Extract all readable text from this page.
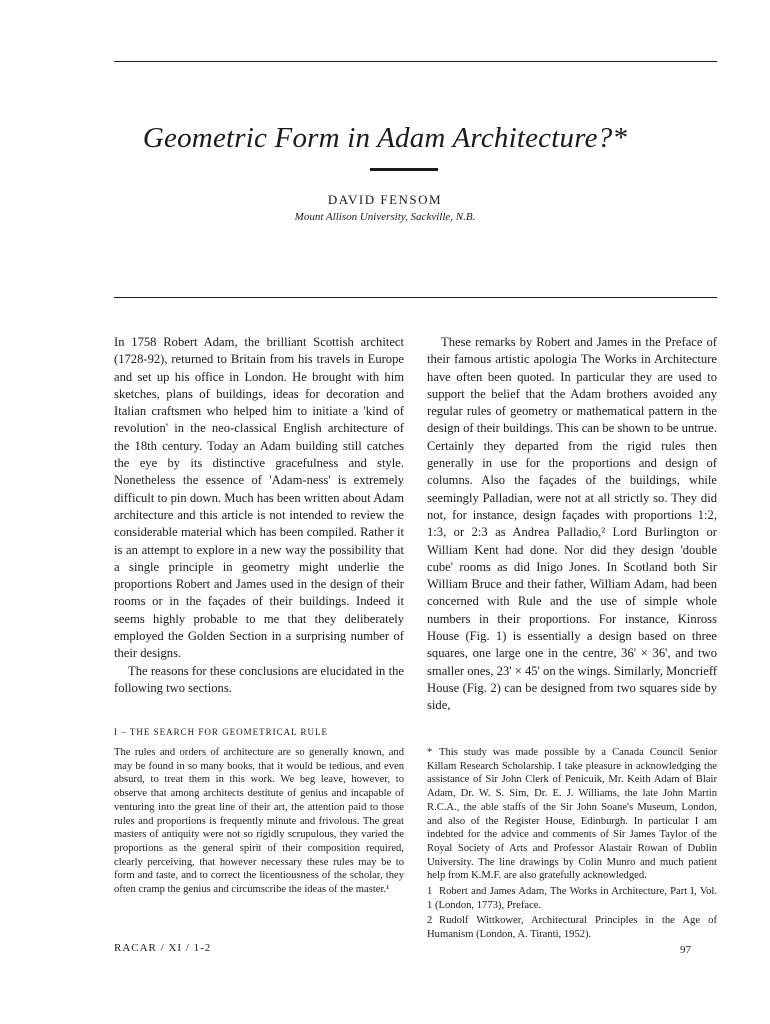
Geometric Form in Adam Architecture?*
DAVID FENSOM
Mount Allison University, Sackville, N.B.

In 1758 Robert Adam, the brilliant Scottish architect (1728-92), returned to Britain from his travels in Europe and set up his office in London. He brought with him sketches, plans of buildings, ideas for decoration and Italian craftsmen who helped him to initiate a 'kind of revolution' in the neo-classical English architecture of the 18th century. Today an Adam building still catches the eye by its distinctive gracefulness and style. Nonetheless the essence of 'Adam-ness' is extremely difficult to pin down. Much has been written about Adam architecture and this article is not intended to review the considerable material which has been compiled. Rather it is an attempt to explore in a new way the possibility that a single principle in geometry might underlie the proportions Robert and James used in the design of their rooms or in the façades of their buildings. Indeed it seems highly probable to me that they deliberately employed the Golden Section in a surprising number of their designs.

The reasons for these conclusions are elucidated in the following two sections.

These remarks by Robert and James in the Preface of their famous artistic apologia The Works in Architecture have often been quoted. In particular they are used to support the belief that the Adam brothers avoided any regular rules of geometry or mathematical pattern in the design of their buildings. This can be shown to be untrue. Certainly they departed from the rigid rules then generally in use for the proportions and design of columns. Also the façades of the buildings, while seemingly Palladian, were not at all strictly so. They did not, for instance, design façades with proportions 1:2, 1:3, or 2:3 as Andrea Palladio,² Lord Burlington or William Kent had done. Nor did they design 'double cube' rooms as did Inigo Jones. In Scotland both Sir William Bruce and their father, William Adam, had been concerned with Rule and the use of simple whole numbers in their proportions. For instance, Kinross House (Fig. 1) is essentially a design based on three squares, one large one in the centre, 36' × 36', and two smaller ones, 23' × 45' on the wings. Similarly, Moncrieff House (Fig. 2) can be designed from two squares side by side,

I – THE SEARCH FOR GEOMETRICAL RULE
The rules and orders of architecture are so generally known, and may be found in so many books, that it would be tedious, and even absurd, to treat them in this work. We beg leave, however, to observe that among architects destitute of genius and incapable of venturing into the great line of their art, the attention paid to those rules and proportions is frequently minute and frivolous. The great masters of antiquity were not so rigidly scrupulous, they varied the proportions as the general spirit of their composition required, clearly perceiving, that however necessary these rules may be to form and taste, and to correct the licentiousness of the scholar, they often cramp the genius and circumscribe the ideas of the master.¹

* This study was made possible by a Canada Council Senior Killam Research Scholarship. I take pleasure in acknowledging the assistance of Sir John Clerk of Penicuik, Mr. Keith Adam of Blair Adam, Dr. W. S. Sim, Dr. E. J. Williams, the late John Martin R.C.A., the able staffs of the Sir John Soane's Museum, London, and also of the Register House, Edinburgh. In particular I am indebted for the advice and comments of Sir James Taylor of the Royal Society of Arts and Professor Alastair Rowan of Dublin University. The line drawings by Colin Munro and much patient help from K.M.F. are also gratefully acknowledged.

1 Robert and James Adam, The Works in Architecture, Part I, Vol. 1 (London, 1773), Preface.

2 Rudolf Wittkower, Architectural Principles in the Age of Humanism (London, A. Tiranti, 1952).

RACAR / XI / 1-2	97
